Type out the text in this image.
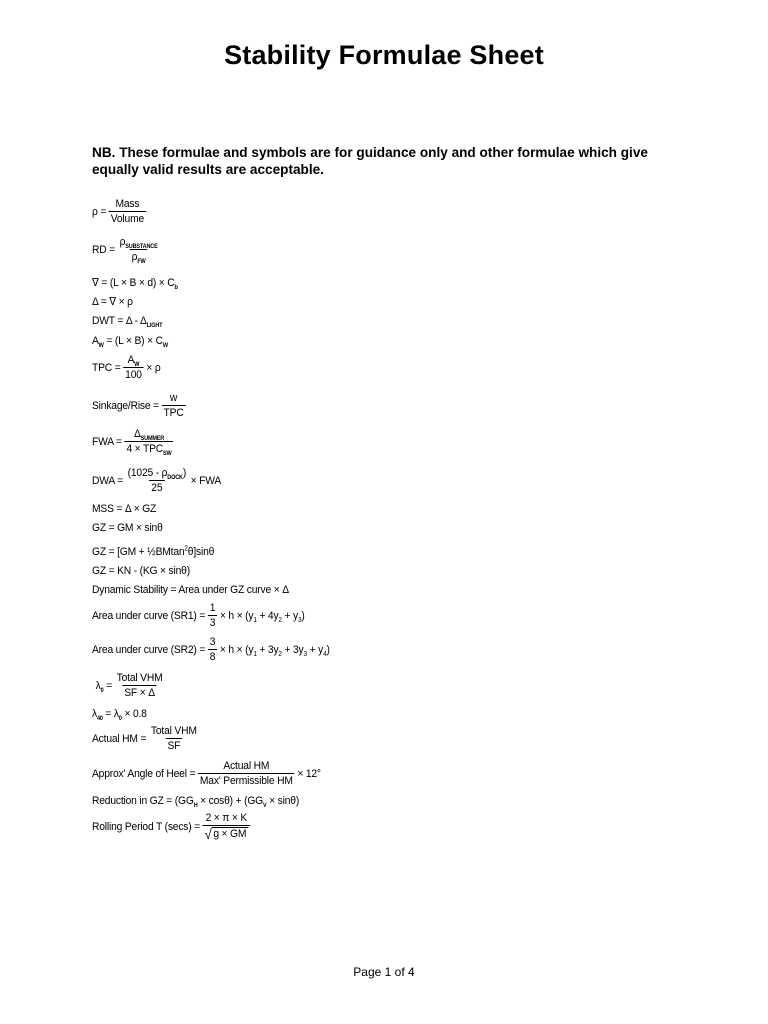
Stability Formulae Sheet
NB. These formulae and symbols are for guidance only and other formulae which give equally valid results are acceptable.
$\rho = \frac{\text{Mass}}{\text{Volume}}$
RD = $\frac{\rho_{SUBSTANCE}}{\rho_{FW}}$
∇ = $(L \times B \times d) \times C_b$
Δ = ∇ × ρ
DWT = Δ - $\Delta_{LIGHT}$
$A_W = (L \times B) \times C_W$
TPC = $\frac{A_W}{100} \times \rho$
Sinkage/Rise = $\frac{w}{\text{TPC}}$
FWA = $\frac{\Delta_{SUMMER}}{4 \times TPC_{SW}}$
DWA = $\frac{(1025 - \rho_{DOCK})}{25}$ × FWA
MSS = Δ × GZ
GZ = GM × sinθ
GZ = [GM + ½BMtan$^2$θ]sinθ
GZ = KN - (KG × sinθ)
Dynamic Stability = Area under GZ curve × Δ
Area under curve $(SR1) = \frac{1}{3} \times h \times (y_1 + 4y_2 + y_3)$
Area under curve $(SR2) = \frac{3}{8} \times h \times (y_1 + 3y_2 + 3y_3 + y_4)$
$\lambda_0 = \frac{\text{Total VHM}}{SF \times \Delta}$
$\lambda_{40} = \lambda_0 \times 0.8$
Actual HM = $\frac{\text{Total VHM}}{SF}$
Approx' Angle of Heel = $\frac{\text{Actual HM}}{\text{Max' Permissible HM}} \times 12^\circ$
Reduction in GZ = $(GG_H \times \cos\theta) + (GG_V \times \sin\theta)$
Rolling Period T $(\sec s) = \frac{2 \times \pi \times K}{√ g \times GM}$
Page 1 of 4
